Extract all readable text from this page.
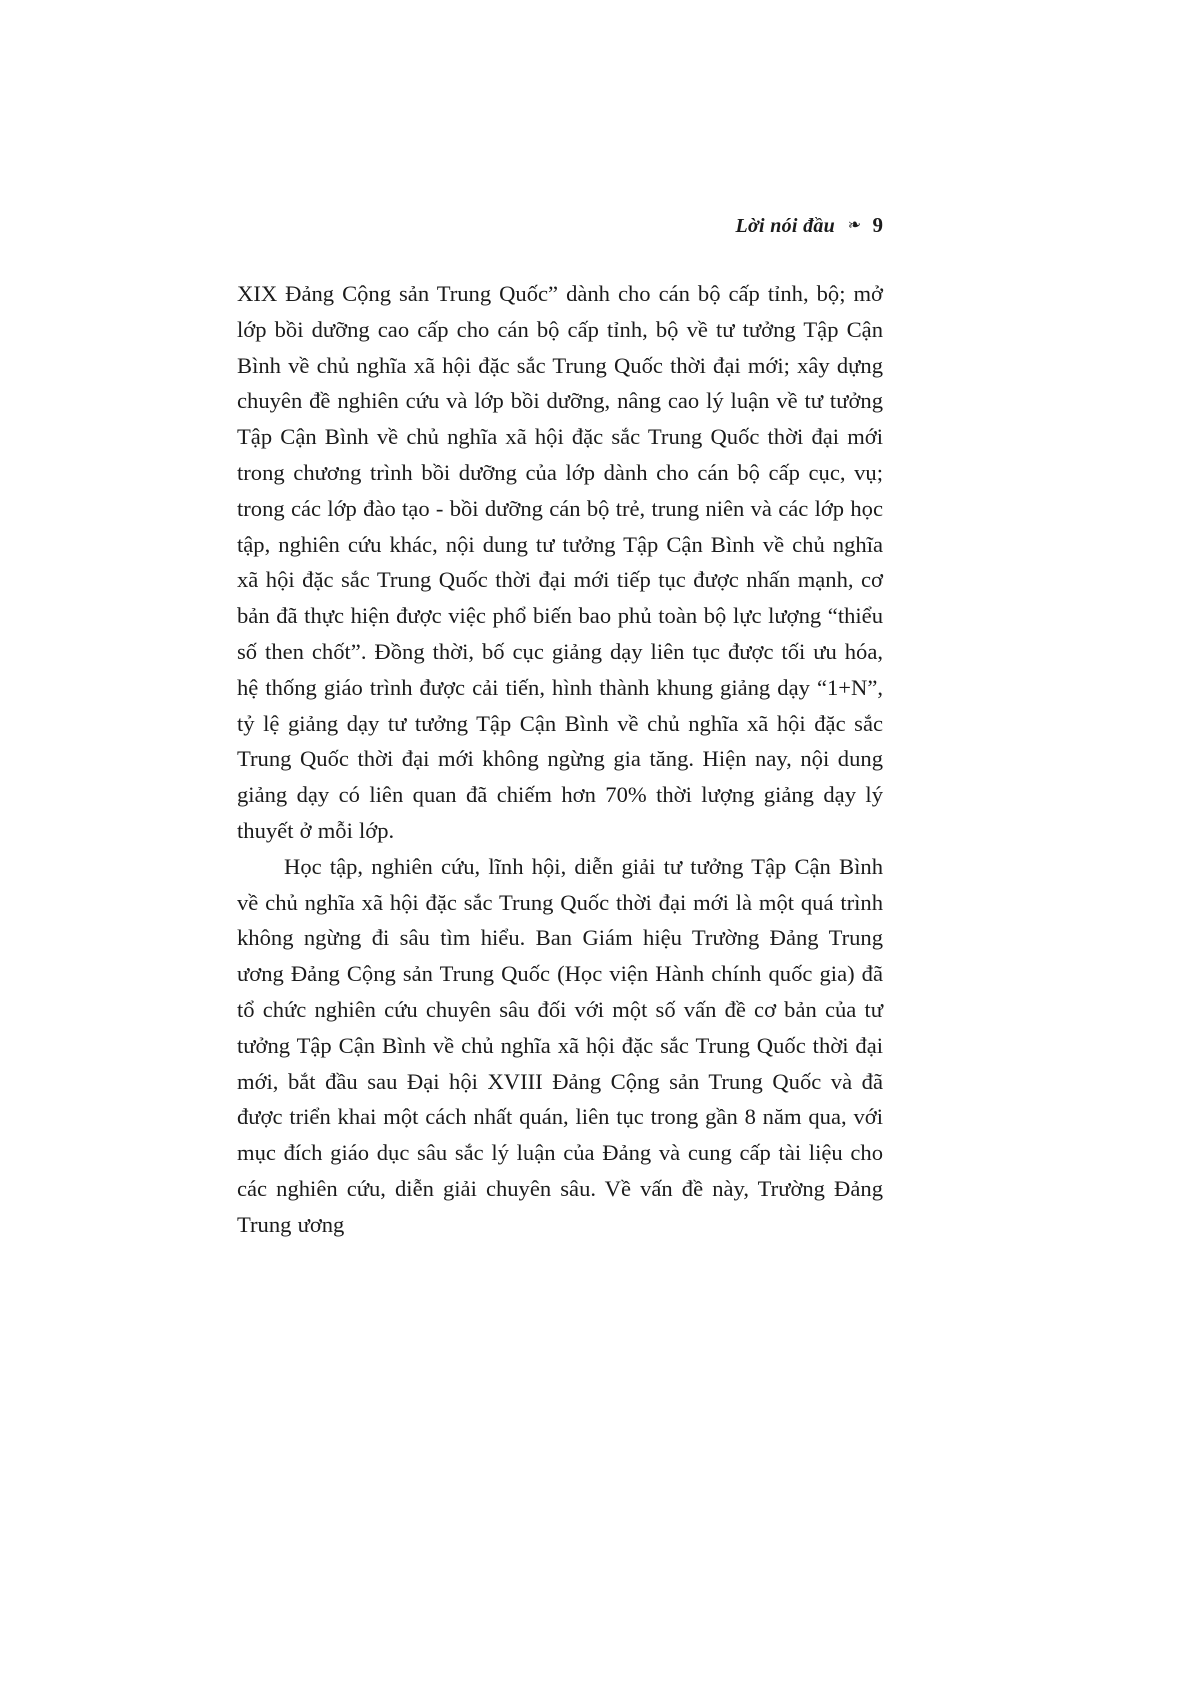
Lời nói đầu ❧ 9

XIX Đảng Cộng sản Trung Quốc” dành cho cán bộ cấp tỉnh, bộ; mở lớp bồi dưỡng cao cấp cho cán bộ cấp tỉnh, bộ về tư tưởng Tập Cận Bình về chủ nghĩa xã hội đặc sắc Trung Quốc thời đại mới; xây dựng chuyên đề nghiên cứu và lớp bồi dưỡng, nâng cao lý luận về tư tưởng Tập Cận Bình về chủ nghĩa xã hội đặc sắc Trung Quốc thời đại mới trong chương trình bồi dưỡng của lớp dành cho cán bộ cấp cục, vụ; trong các lớp đào tạo - bồi dưỡng cán bộ trẻ, trung niên và các lớp học tập, nghiên cứu khác, nội dung tư tưởng Tập Cận Bình về chủ nghĩa xã hội đặc sắc Trung Quốc thời đại mới tiếp tục được nhấn mạnh, cơ bản đã thực hiện được việc phổ biến bao phủ toàn bộ lực lượng “thiểu số then chốt”. Đồng thời, bố cục giảng dạy liên tục được tối ưu hóa, hệ thống giáo trình được cải tiến, hình thành khung giảng dạy “1+N”, tỷ lệ giảng dạy tư tưởng Tập Cận Bình về chủ nghĩa xã hội đặc sắc Trung Quốc thời đại mới không ngừng gia tăng. Hiện nay, nội dung giảng dạy có liên quan đã chiếm hơn 70% thời lượng giảng dạy lý thuyết ở mỗi lớp.

Học tập, nghiên cứu, lĩnh hội, diễn giải tư tưởng Tập Cận Bình về chủ nghĩa xã hội đặc sắc Trung Quốc thời đại mới là một quá trình không ngừng đi sâu tìm hiểu. Ban Giám hiệu Trường Đảng Trung ương Đảng Cộng sản Trung Quốc (Học viện Hành chính quốc gia) đã tổ chức nghiên cứu chuyên sâu đối với một số vấn đề cơ bản của tư tưởng Tập Cận Bình về chủ nghĩa xã hội đặc sắc Trung Quốc thời đại mới, bắt đầu sau Đại hội XVIII Đảng Cộng sản Trung Quốc và đã được triển khai một cách nhất quán, liên tục trong gần 8 năm qua, với mục đích giáo dục sâu sắc lý luận của Đảng và cung cấp tài liệu cho các nghiên cứu, diễn giải chuyên sâu. Về vấn đề này, Trường Đảng Trung ương
